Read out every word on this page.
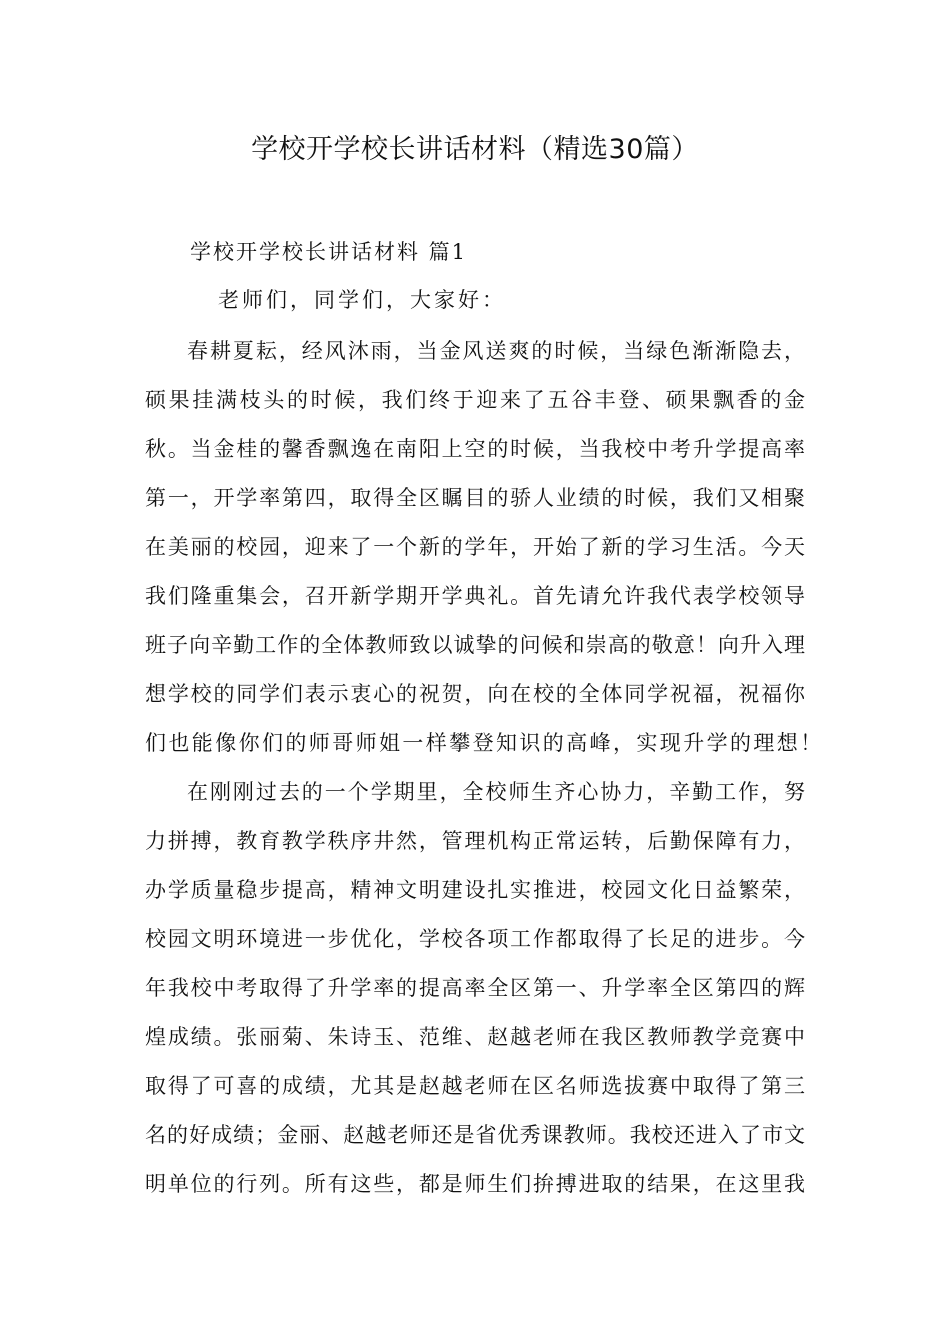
学校开学校长讲话材料（精选30篇）
学校开学校长讲话材料 篇1

老师们，同学们，大家好：

春耕夏耘，经风沐雨，当金风送爽的时候，当绿色渐渐隐去，
硕果挂满枝头的时候，我们终于迎来了五谷丰登、硕果飘香的金
秋。当金桂的馨香飘逸在南阳上空的时候，当我校中考升学提高率
第一，开学率第四，取得全区瞩目的骄人业绩的时候，我们又相聚
在美丽的校园，迎来了一个新的学年，开始了新的学习生活。今天
我们隆重集会，召开新学期开学典礼。首先请允许我代表学校领导
班子向辛勤工作的全体教师致以诚挚的问候和崇高的敬意！向升入理
想学校的同学们表示衷心的祝贺，向在校的全体同学祝福，祝福你
们也能像你们的师哥师姐一样攀登知识的高峰，实现升学的理想！
在刚刚过去的一个学期里，全校师生齐心协力，辛勤工作，努
力拼搏，教育教学秩序井然，管理机构正常运转，后勤保障有力，
办学质量稳步提高，精神文明建设扎实推进，校园文化日益繁荣，
校园文明环境进一步优化，学校各项工作都取得了长足的进步。今
年我校中考取得了升学率的提高率全区第一、升学率全区第四的辉
煌成绩。张丽菊、朱诗玉、范维、赵越老师在我区教师教学竞赛中
取得了可喜的成绩，尤其是赵越老师在区名师选拔赛中取得了第三
名的好成绩；金丽、赵越老师还是省优秀课教师。我校还进入了市文
明单位的行列。所有这些，都是师生们拚搏进取的结果，在这里我
